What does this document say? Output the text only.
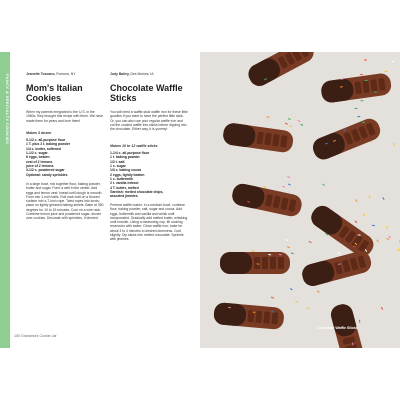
FANCY & SPECIALTY COOKIES	Jeanette Toscano, Pomona, NY
Mom's Italian Cookies
When my parents emigrated to the U.S. in the 1960s, they brought this recipe with them. We have made them for years and love them!
Makes 3 dozen
5-1/2 c. all-purpose flour
1 T. plus 2 t. baking powder
1/4 c. butter, softened
1-1/2 c. sugar
6 eggs, beaten
zest of 2 lemons
juice of 2 lemons
3-1/2 c. powdered sugar
Optional: candy sprinkles
In a large bowl, mix together flour, baking powder, butter and sugar. Form a well in the center. Add eggs and lemon zest; knead until dough is smooth. Form into 1-inch balls. Roll each ball on a floured surface into a 7-inch rope. Twist ropes into knots; place on lightly greased baking sheets. Bake at 350 degrees for 10 to 15 minutes. Cool on a wire rack. Combine lemon juice and powdered sugar; drizzle over cookies. Decorate with sprinkles, if desired.
Judy Bailey, Des Moines, IA
Chocolate Waffle Sticks
You will need a waffle-stick waffle iron for these little goodies if you want to have the perfect little stick. Or, you can also use your regular waffle iron and cut the cooked waffle into sticks before dipping into the chocolate. Either way, it is yummy!
Makes 10 to 12 waffle sticks
1-1/4 c. all-purpose flour
1 t. baking powder
1/2 t. salt
1 c. sugar
1/3 c. baking cocoa
2 eggs, lightly beaten
1 c. buttermilk
2 t. vanilla extract
4 T. butter, melted
Garnish: melted chocolate chips,
assorted jimmies
Preheat waffle maker. In a medium bowl, combine flour, baking powder, salt, sugar and cocoa. Add eggs, buttermilk and vanilla and whisk until incorporated. Gradually add melted butter, whisking until smooth. Using a measuring cup, fill cooking reservoirs with batter. Close waffle iron; bake for about 3 to 4 minutes to desired doneness. Cool slightly. Dip sticks into melted chocolate. Sprinkle with jimmies.
100 Grandma's Cookie Jar
Chocolate Waffle Sticks
